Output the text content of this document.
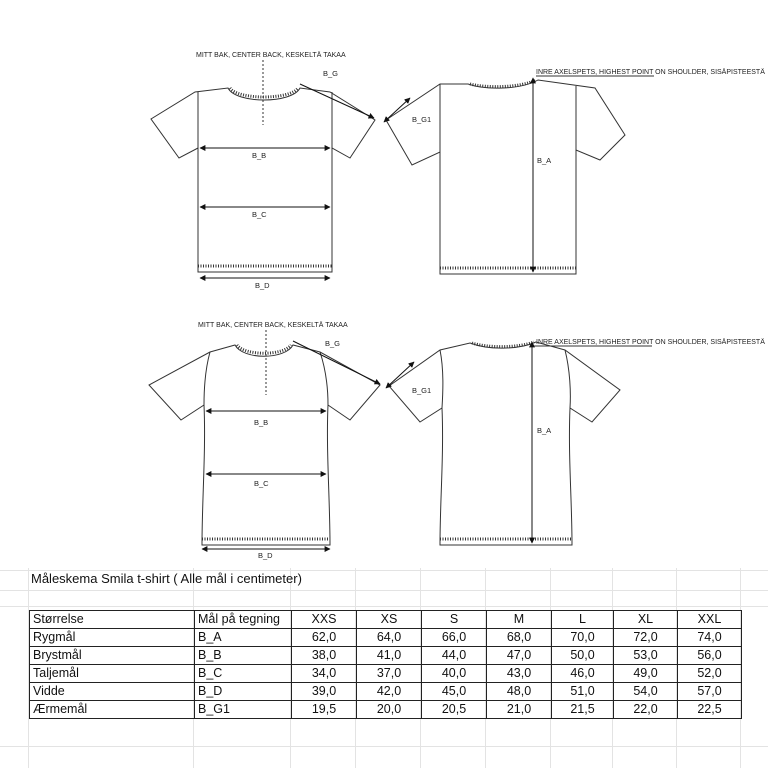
MITT BAK, CENTER BACK, KESKELTÄ TAKAA
B_G
B_B
B_C
B_D
B_A
B_G1
INRE AXELSPETS, HIGHEST POINT ON SHOULDER, SISÄPISTEESTÄ
MITT BAK, CENTER BACK, KESKELTÄ TAKAA
B_G
B_B
B_C
B_D
B_A
B_G1
INRE AXELSPETS, HIGHEST POINT ON SHOULDER, SISÄPISTEESTÄ
Måleskema Smila t-shirt ( Alle mål i centimeter)
Størrelse	Mål på tegning	XXS	XS	S	M	L	XL	XXL
Rygmål	B_A	62,0	64,0	66,0	68,0	70,0	72,0	74,0
Brystmål	B_B	38,0	41,0	44,0	47,0	50,0	53,0	56,0
Taljemål	B_C	34,0	37,0	40,0	43,0	46,0	49,0	52,0
Vidde	B_D	39,0	42,0	45,0	48,0	51,0	54,0	57,0
Ærmemål	B_G1	19,5	20,0	20,5	21,0	21,5	22,0	22,5
